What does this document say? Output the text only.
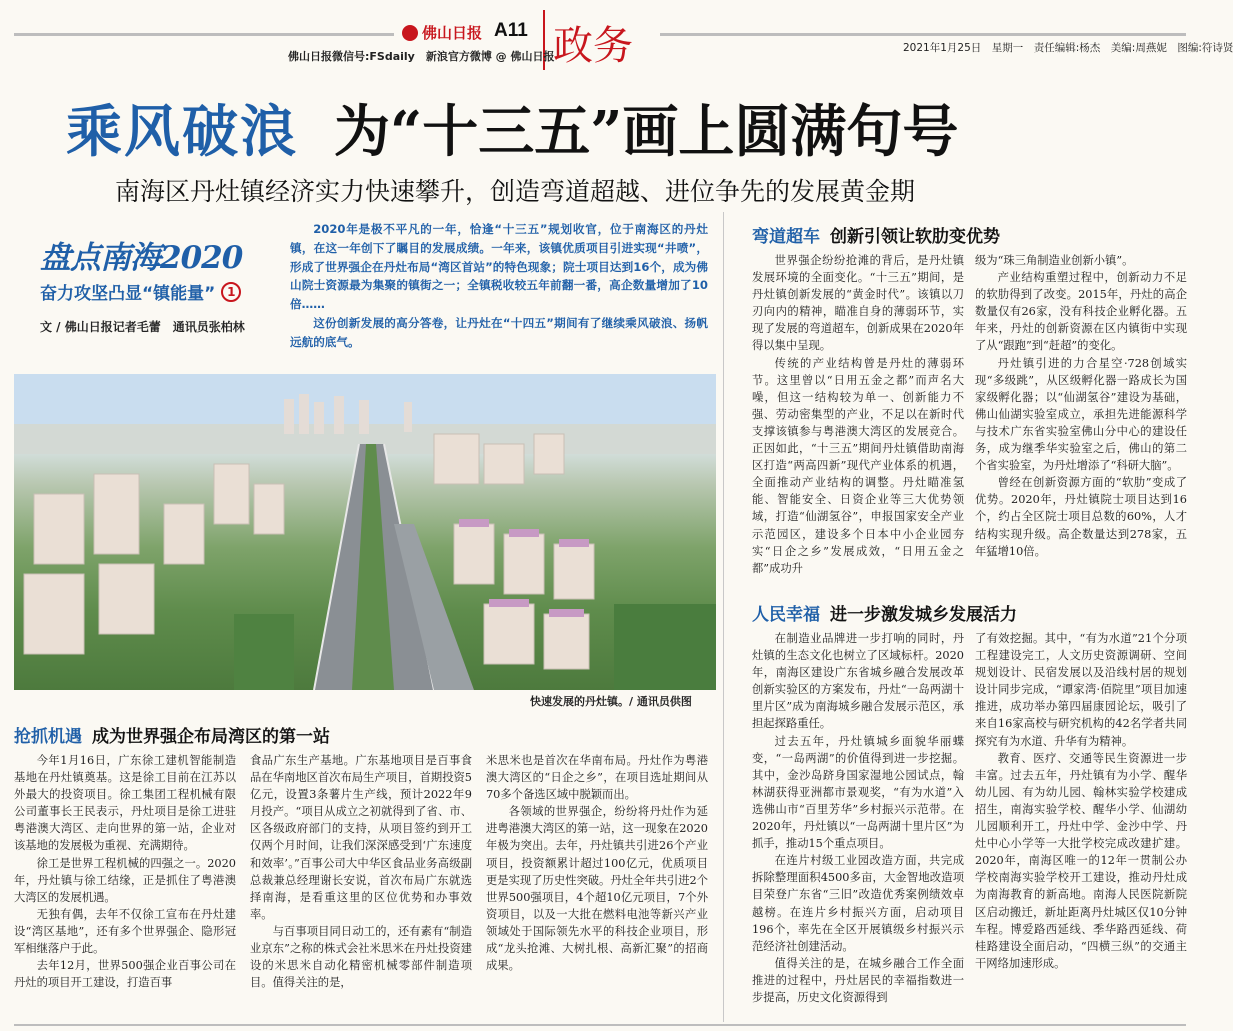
佛山日报 A11 政务
佛山日报微信号:FSdaily　新浪官方微博 @ 佛山日报
2021年1月25日　星期一　责任编辑:杨杰　美编:周燕妮　图编:符诗贤
乘风破浪 为“十三五”画上圆满句号
南海区丹灶镇经济实力快速攀升，创造弯道超越、进位争先的发展黄金期
盘点南海2020
奋力攻坚凸显“镇能量” 1
文 / 佛山日报记者毛蕾　通讯员张柏林

2020年是极不平凡的一年，恰逢“十三五”规划收官，位于南海区的丹灶镇，在这一年创下了瞩目的发展成绩。一年来，该镇优质项目引进实现“井喷”，形成了世界强企在丹灶布局“湾区首站”的特色现象；院士项目达到16个，成为佛山院士资源最为集聚的镇街之一；全镇税收较五年前翻一番，高企数量增加了10倍……

这份创新发展的高分答卷，让丹灶在“十四五”期间有了继续乘风破浪、扬帆远航的底气。

快速发展的丹灶镇。/ 通讯员供图
抢抓机遇 成为世界强企布局湾区的第一站

今年1月16日，广东徐工建机智能制造基地在丹灶镇奠基。这是徐工目前在江苏以外最大的投资项目。徐工集团工程机械有限公司董事长王民表示，丹灶项目是徐工进驻粤港澳大湾区、走向世界的第一站，企业对该基地的发展极为重视、充满期待。

徐工是世界工程机械的四强之一。2020年，丹灶镇与徐工结缘，正是抓住了粤港澳大湾区的发展机遇。

无独有偶，去年不仅徐工宣布在丹灶建设“湾区基地”，还有多个世界强企、隐形冠军相继落户于此。

去年12月，世界500强企业百事公司在丹灶的项目开工建设，打造百事

食品广东生产基地。广东基地项目是百事食品在华南地区首次布局生产项目，首期投资5亿元，设置3条薯片生产线，预计2022年9月投产。“项目从成立之初就得到了省、市、区各级政府部门的支持，从项目签约到开工仅两个月时间，让我们深深感受到‘广东速度和效率’。”百事公司大中华区食品业务高级副总裁兼总经理谢长安说，首次布局广东就选择南海，是看重这里的区位优势和办事效率。

与百事项目同日动工的，还有素有“制造业京东”之称的株式会社米思米在丹灶投资建设的米思米自动化精密机械零部件制造项目。值得关注的是，

米思米也是首次在华南布局。丹灶作为粤港澳大湾区的“日企之乡”，在项目选址期间从70多个备选区域中脱颖而出。

各领域的世界强企，纷纷将丹灶作为延进粤港澳大湾区的第一站，这一现象在2020年极为突出。去年，丹灶镇共引进26个产业项目，投资额累计超过100亿元，优质项目更是实现了历史性突破。丹灶全年共引进2个世界500强项目，4个超10亿元项目，7个外资项目，以及一大批在燃料电池等新兴产业领域处于国际领先水平的科技企业项目，形成“龙头抢滩、大树扎根、高新汇聚”的招商成果。

弯道超车 创新引领让软肋变优势

世界强企纷纷抢滩的背后，是丹灶镇发展环境的全面变化。“十三五”期间，是丹灶镇创新发展的“黄金时代”。该镇以刀刃向内的精神，瞄准自身的薄弱环节，实现了发展的弯道超车，创新成果在2020年得以集中呈现。

传统的产业结构曾是丹灶的薄弱环节。这里曾以“日用五金之都”而声名大噪，但这一结构较为单一、创新能力不强、劳动密集型的产业，不足以在新时代支撑该镇参与粤港澳大湾区的发展竞合。正因如此，“十三五”期间丹灶镇借助南海区打造“两高四新”现代产业体系的机遇，全面推动产业结构的调整。丹灶瞄准氢能、智能安全、日资企业等三大优势领域，打造“仙湖氢谷”，申报国家安全产业示范园区，建设多个日本中小企业园夯实“日企之乡”发展成效，“日用五金之都”成功升

级为“珠三角制造业创新小镇”。

产业结构重塑过程中，创新动力不足的软肋得到了改变。2015年，丹灶的高企数量仅有26家，没有科技企业孵化器。五年来，丹灶的创新资源在区内镇街中实现了从“跟跑”到“赶超”的变化。

丹灶镇引进的力合星空·728创域实现“多级跳”，从区级孵化器一路成长为国家级孵化器；以“仙湖氢谷”建设为基础，佛山仙湖实验室成立，承担先进能源科学与技术广东省实验室佛山分中心的建设任务，成为继季华实验室之后，佛山的第二个省实验室，为丹灶增添了“科研大脑”。

曾经在创新资源方面的“软肋”变成了优势。2020年，丹灶镇院士项目达到16个，约占全区院士项目总数的60%，人才结构实现升级。高企数量达到278家，五年猛增10倍。

人民幸福 进一步激发城乡发展活力

在制造业品牌进一步打响的同时，丹灶镇的生态文化也树立了区域标杆。2020年，南海区建设广东省城乡融合发展改革创新实验区的方案发布，丹灶“一岛两湖十里片区”成为南海城乡融合发展示范区，承担起探路重任。

过去五年，丹灶镇城乡面貌华丽蝶变，“一岛两湖”的价值得到进一步挖掘。其中，金沙岛跻身国家湿地公园试点，翰林湖获得亚洲都市景观奖，“有为水道”入选佛山市“百里芳华”乡村振兴示范带。在2020年，丹灶镇以“一岛两湖十里片区”为抓手，推动15个重点项目。

在连片村级工业园改造方面，共完成拆除整理面积4500多亩，大金智地改造项目荣登广东省“三旧”改造优秀案例绩效卓越榜。在连片乡村振兴方面，启动项目196个，率先在全区开展镇级乡村振兴示范经济社创建活动。

值得关注的是，在城乡融合工作全面推进的过程中，丹灶居民的幸福指数进一步提高，历史文化资源得到

了有效挖掘。其中，“有为水道”21个分项工程建设完工，人文历史资源调研、空间规划设计、民宿发展以及沿线村居的规划设计同步完成，“谭家湾·佰院里”项目加速推进，成功举办第四届康园论坛，吸引了来自16家高校与研究机构的42名学者共同探究有为水道、升华有为精神。

教育、医疗、交通等民生资源进一步丰富。过去五年，丹灶镇有为小学、醒华幼儿园、有为幼儿园、翰林实验学校建成招生，南海实验学校、醒华小学、仙湖幼儿园顺利开工，丹灶中学、金沙中学、丹灶中心小学等一大批学校完成改建扩建。2020年，南海区唯一的12年一贯制公办学校南海实验学校开工建设，推动丹灶成为南海教育的新高地。南海人民医院新院区启动搬迁，新址距离丹灶城区仅10分钟车程。博爱路西延线、季华路西延线、荷桂路建设全面启动，“四横三纵”的交通主干网络加速形成。
